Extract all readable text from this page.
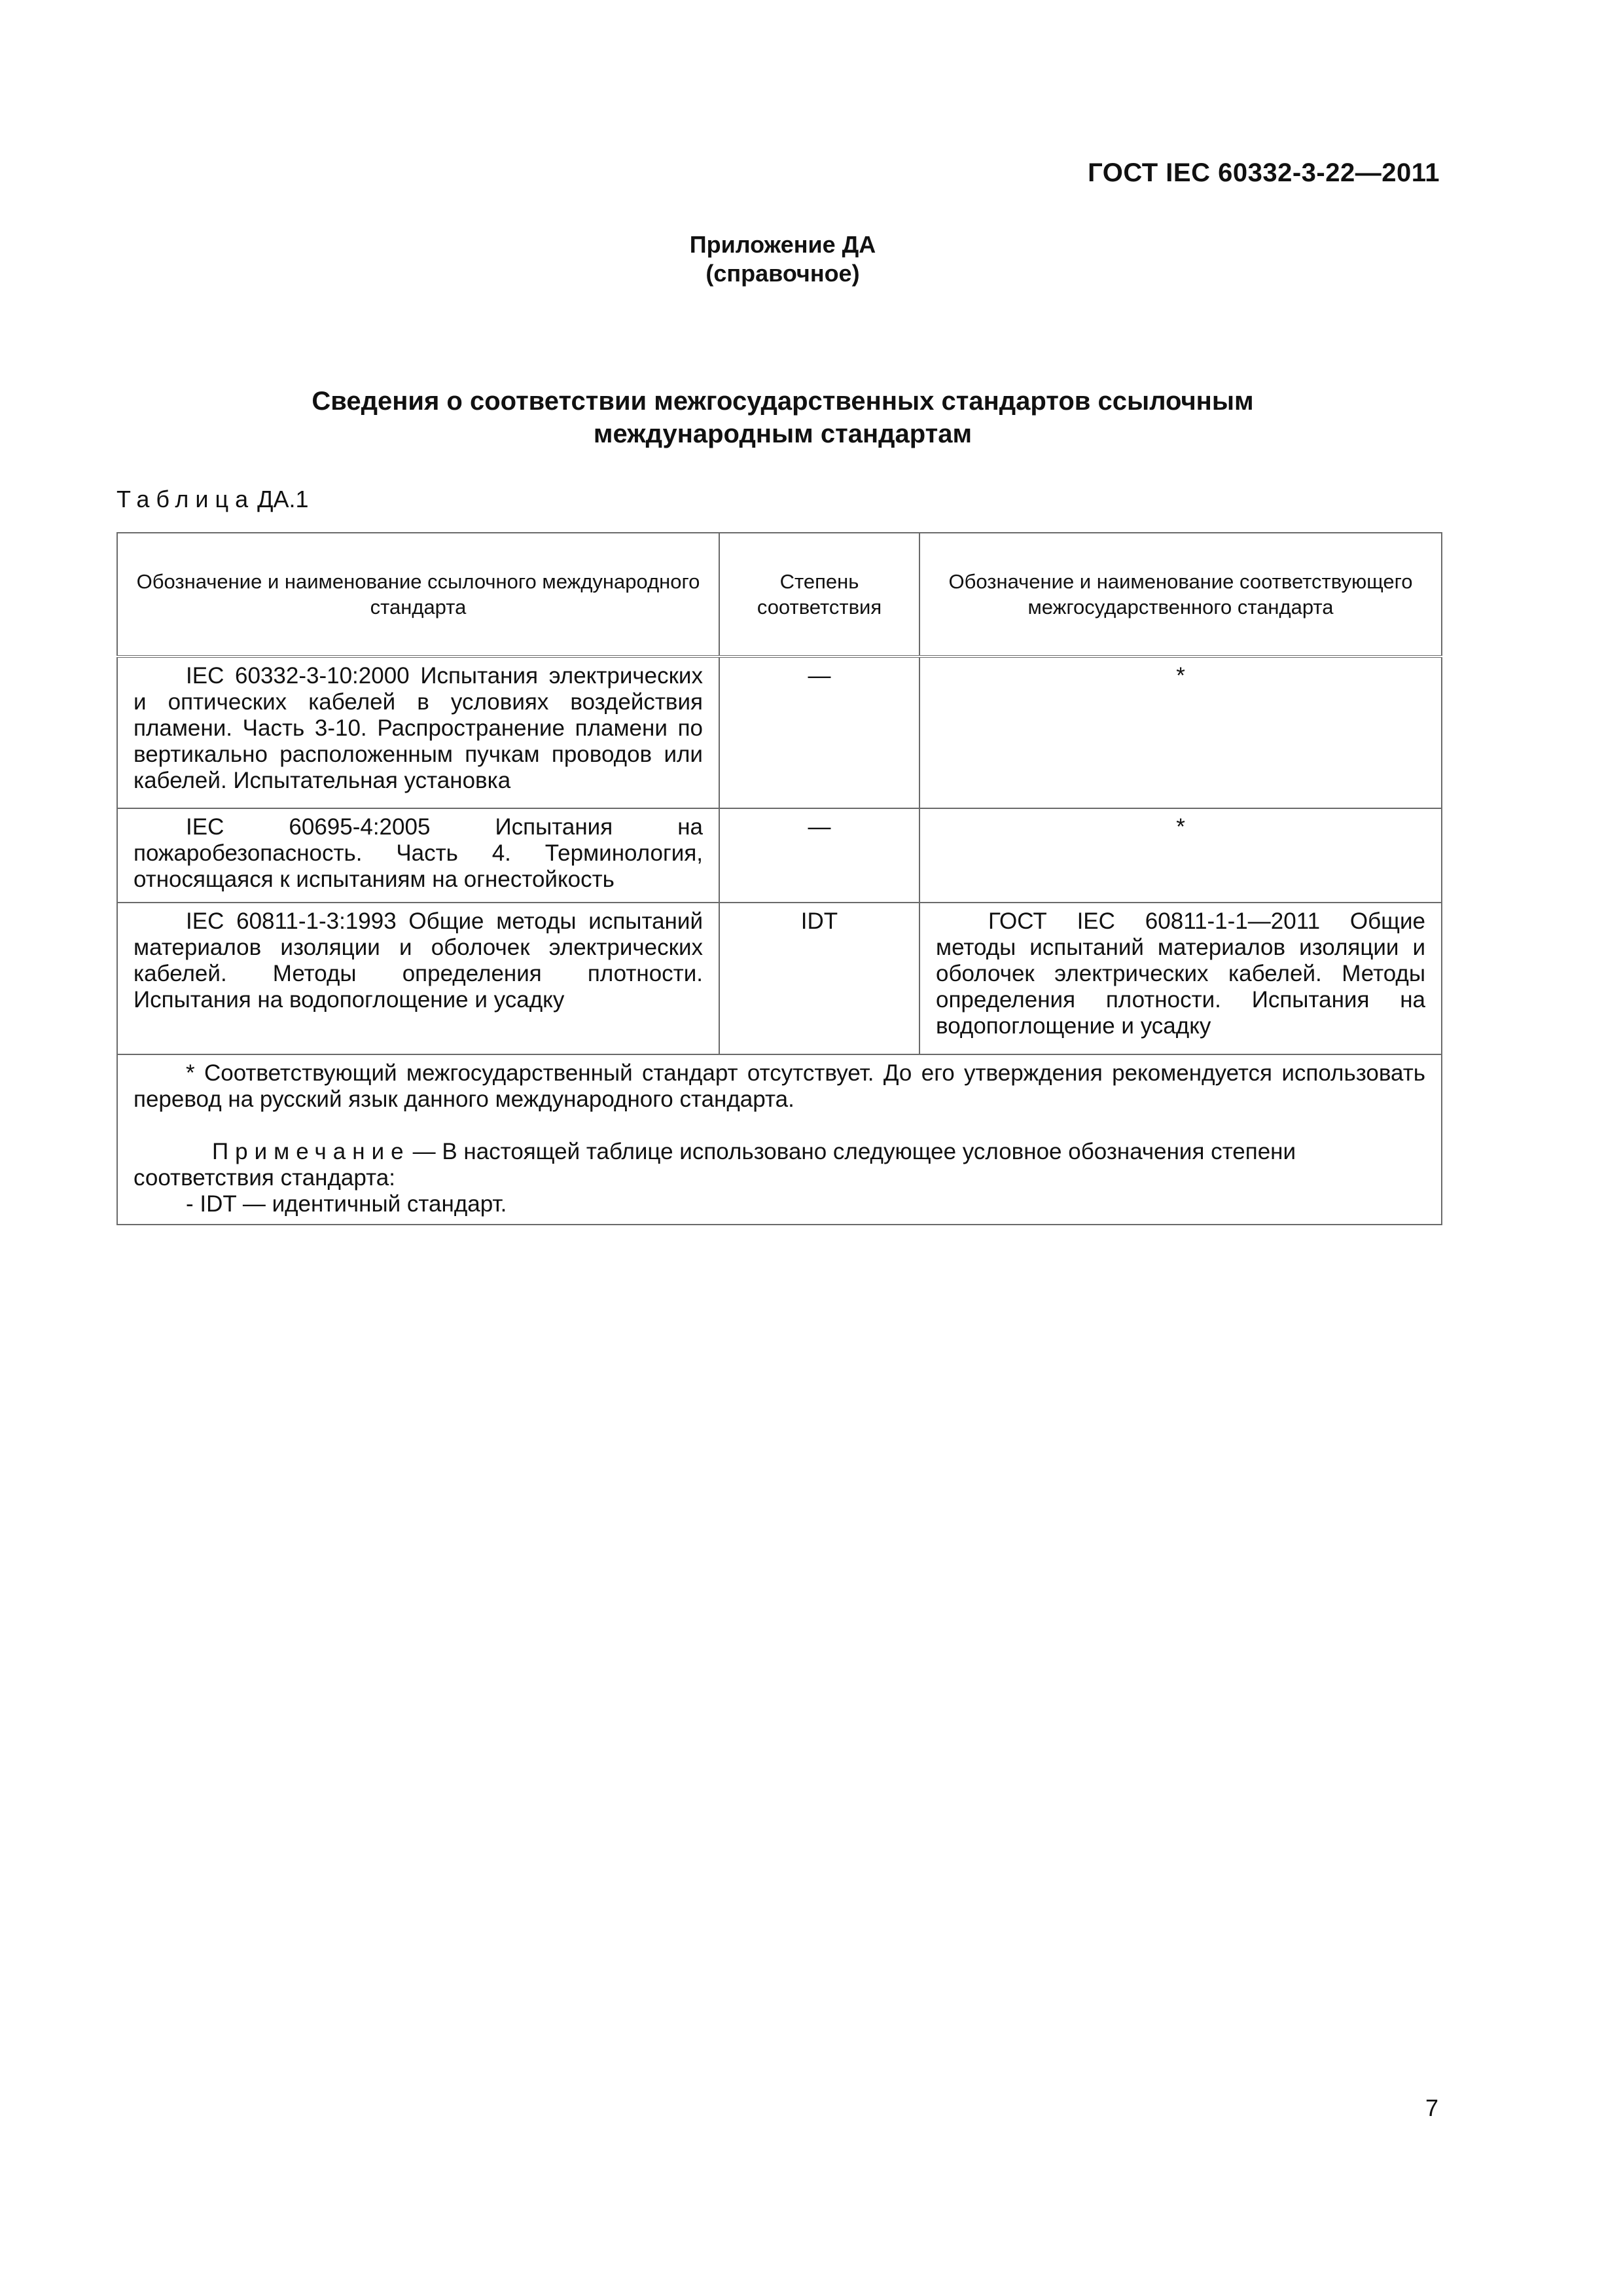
ГОСТ IEC 60332-3-22—2011
Приложение ДА
(справочное)
Сведения о соответствии межгосударственных стандартов ссылочным
международным стандартам
Таблица ДА.1
Обозначение и наименование ссылочного международного стандарта	Степень соответствия	Обозначение и наименование соответствующего межгосударственного стандарта
IEC 60332-3-10:2000 Испытания электрических и оптических кабелей в условиях воздействия пламени. Часть 3-10. Распространение пламени по вертикально расположенным пучкам проводов или кабелей. Испытательная установка	—	*
IEC 60695-4:2005 Испытания на пожаробезопасность. Часть 4. Терминология, относящаяся к испытаниям на огнестойкость	—	*
IEC 60811-1-3:1993 Общие методы испытаний материалов изоляции и оболочек электрических кабелей. Методы определения плотности. Испытания на водопоглощение и усадку	IDT	ГОСТ IEC 60811-1-1—2011 Общие методы испытаний материалов изоляции и оболочек электрических кабелей. Методы определения плотности. Испытания на водопоглощение и усадку

* Соответствующий межгосударственный стандарт отсутствует. До его утверждения рекомендуется использовать перевод на русский язык данного международного стандарта.

Примечание — В настоящей таблице использовано следующее условное обозначения степени соответствия стандарта:

- IDT — идентичный стандарт.		

7
